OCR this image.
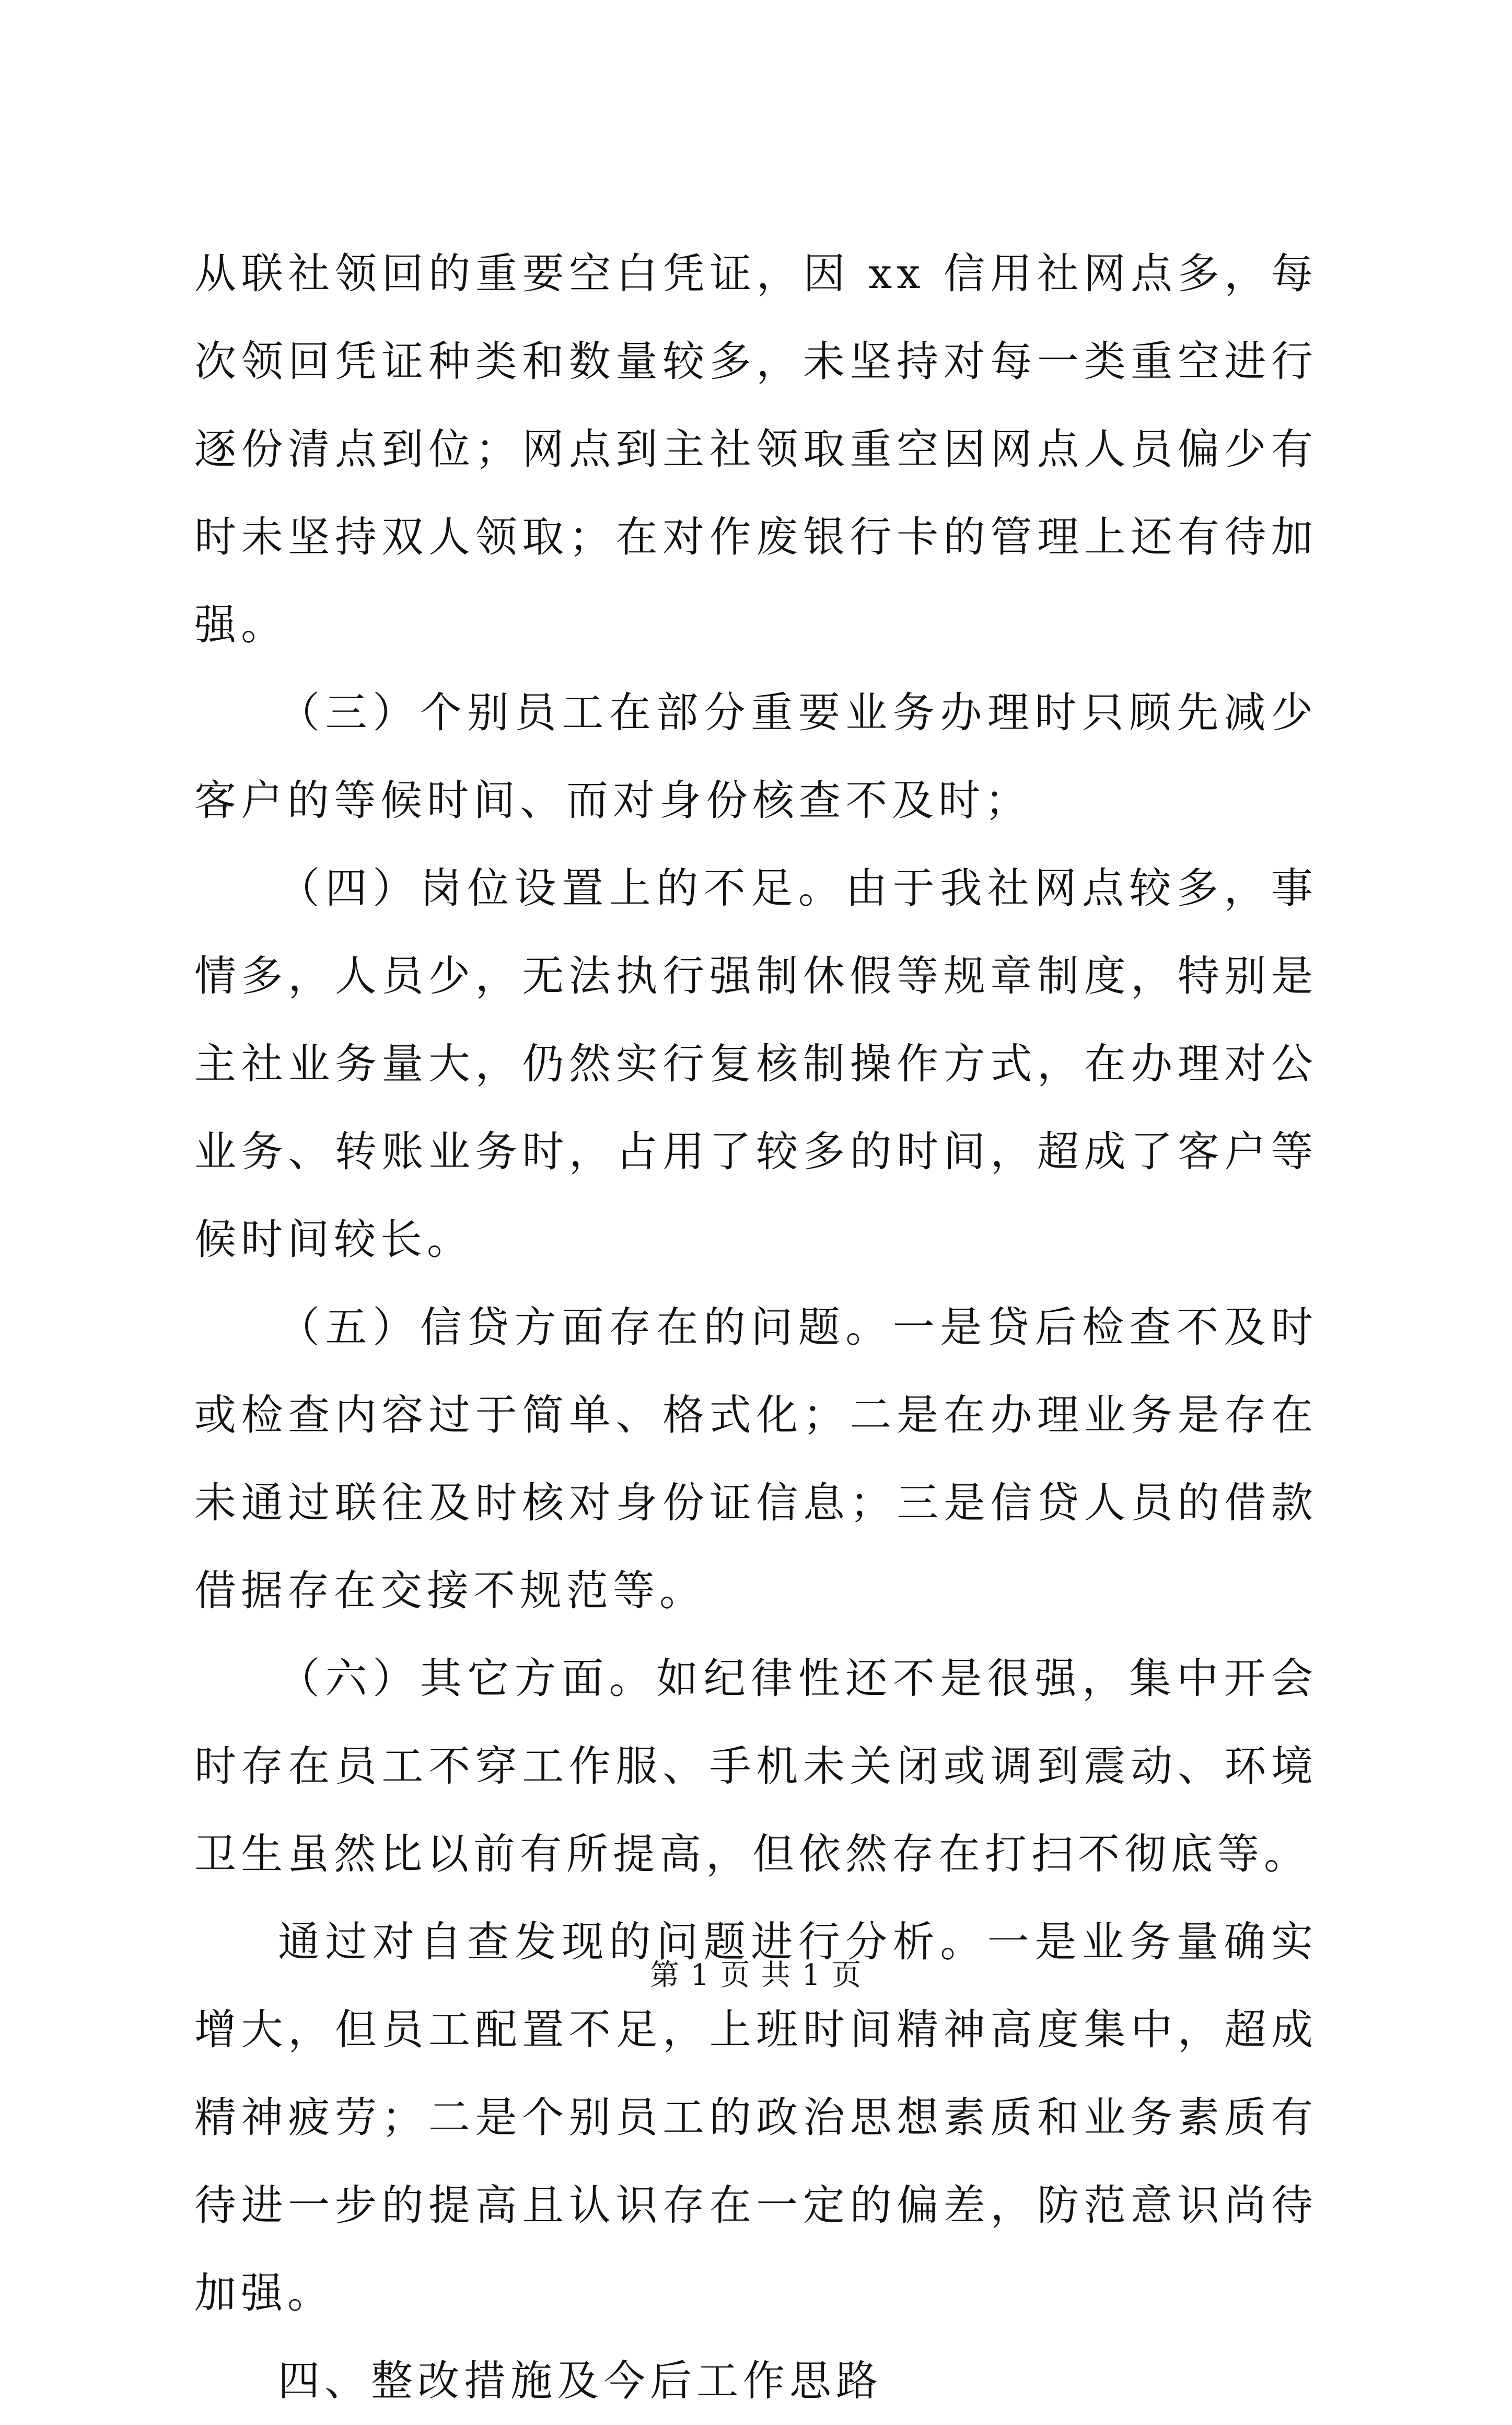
从联社领回的重要空白凭证，因 xx 信用社网点多，每次领回凭证种类和数量较多，未坚持对每一类重空进行逐份清点到位；网点到主社领取重空因网点人员偏少有时未坚持双人领取；在对作废银行卡的管理上还有待加强。

（三）个别员工在部分重要业务办理时只顾先减少客户的等候时间、而对身份核查不及时；

（四）岗位设置上的不足。由于我社网点较多，事情多，人员少，无法执行强制休假等规章制度，特别是主社业务量大，仍然实行复核制操作方式，在办理对公业务、转账业务时，占用了较多的时间，超成了客户等候时间较长。

（五）信贷方面存在的问题。一是贷后检查不及时或检查内容过于简单、格式化；二是在办理业务是存在未通过联往及时核对身份证信息；三是信贷人员的借款借据存在交接不规范等。

（六）其它方面。如纪律性还不是很强，集中开会时存在员工不穿工作服、手机未关闭或调到震动、环境卫生虽然比以前有所提高，但依然存在打扫不彻底等。

通过对自查发现的问题进行分析。一是业务量确实增大，但员工配置不足，上班时间精神高度集中，超成精神疲劳；二是个别员工的政治思想素质和业务素质有待进一步的提高且认识存在一定的偏差，防范意识尚待加强。

四、整改措施及今后工作思路

第 1 页 共 1 页
